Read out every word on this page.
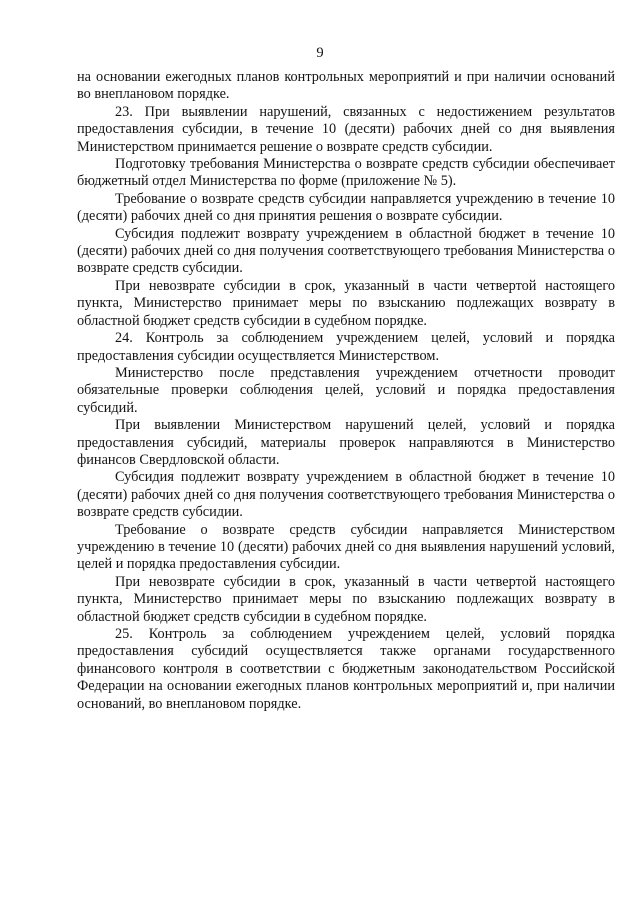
9

на основании ежегодных планов контрольных мероприятий и при наличии оснований во внеплановом порядке.

23. При выявлении нарушений, связанных с недостижением результатов предоставления субсидии, в течение 10 (десяти) рабочих дней со дня выявления Министерством принимается решение о возврате средств субсидии.

Подготовку требования Министерства о возврате средств субсидии обеспечивает бюджетный отдел Министерства по форме (приложение № 5).

Требование о возврате средств субсидии направляется учреждению в течение 10 (десяти) рабочих дней со дня принятия решения о возврате субсидии.

Субсидия подлежит возврату учреждением в областной бюджет в течение 10 (десяти) рабочих дней со дня получения соответствующего требования Министерства о возврате средств субсидии.

При невозврате субсидии в срок, указанный в части четвертой настоящего пункта, Министерство принимает меры по взысканию подлежащих возврату в областной бюджет средств субсидии в судебном порядке.

24. Контроль за соблюдением учреждением целей, условий и порядка предоставления субсидии осуществляется Министерством.

Министерство после представления учреждением отчетности проводит обязательные проверки соблюдения целей, условий и порядка предоставления субсидий.

При выявлении Министерством нарушений целей, условий и порядка предоставления субсидий, материалы проверок направляются в Министерство финансов Свердловской области.

Субсидия подлежит возврату учреждением в областной бюджет в течение 10 (десяти) рабочих дней со дня получения соответствующего требования Министерства о возврате средств субсидии.

Требование о возврате средств субсидии направляется Министерством учреждению в течение 10 (десяти) рабочих дней со дня выявления нарушений условий, целей и порядка предоставления субсидии.

При невозврате субсидии в срок, указанный в части четвертой настоящего пункта, Министерство принимает меры по взысканию подлежащих возврату в областной бюджет средств субсидии в судебном порядке.

25. Контроль за соблюдением учреждением целей, условий порядка предоставления субсидий осуществляется также органами государственного финансового контроля в соответствии с бюджетным законодательством Российской Федерации на основании ежегодных планов контрольных мероприятий и, при наличии оснований, во внеплановом порядке.
